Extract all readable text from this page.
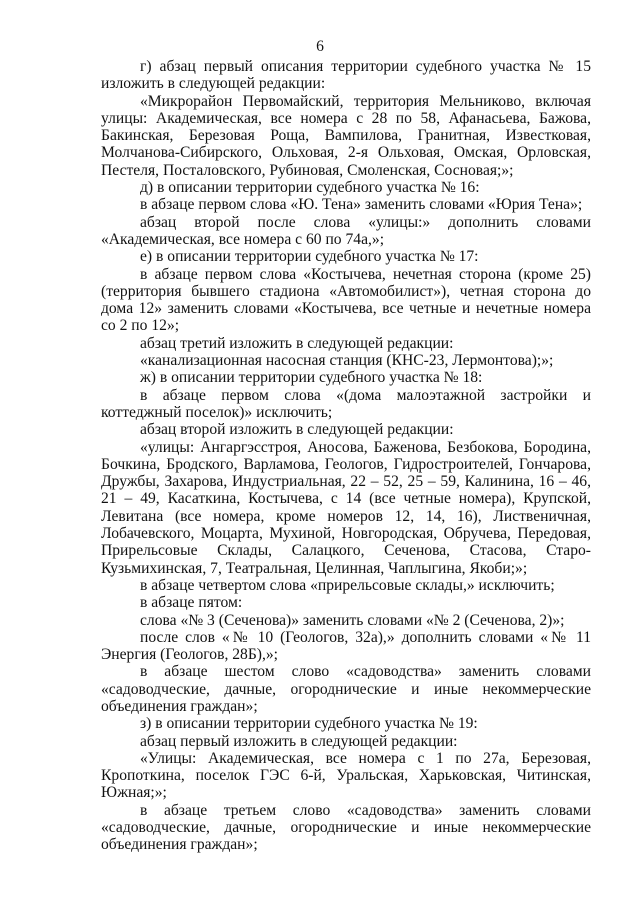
6

г) абзац первый описания территории судебного участка № 15 изложить в следующей редакции:

«Микрорайон Первомайский, территория Мельниково, включая улицы: Академическая, все номера с 28 по 58, Афанасьева, Бажова, Бакинская, Березовая Роща, Вампилова, Гранитная, Известковая, Молчанова-Сибирского, Ольховая, 2-я Ольховая, Омская, Орловская, Пестеля, Посталовского, Рубиновая, Смоленская, Сосновая;»;

д) в описании территории судебного участка № 16:

в абзаце первом слова «Ю. Тена» заменить словами «Юрия Тена»;

абзац второй после слова «улицы:» дополнить словами «Академическая, все номера с 60 по 74а,»;

е) в описании территории судебного участка № 17:

в абзаце первом слова «Костычева, нечетная сторона (кроме 25) (территория бывшего стадиона «Автомобилист»), четная сторона до дома 12» заменить словами «Костычева, все четные и нечетные номера со 2 по 12»;

абзац третий изложить в следующей редакции:

«канализационная насосная станция (КНС-23, Лермонтова);»;

ж) в описании территории судебного участка № 18:

в абзаце первом слова «(дома малоэтажной застройки и коттеджный поселок)» исключить;

абзац второй изложить в следующей редакции:

«улицы: Ангаргэсстроя, Аносова, Баженова, Безбокова, Бородина, Бочкина, Бродского, Варламова, Геологов, Гидростроителей, Гончарова, Дружбы, Захарова, Индустриальная, 22 – 52, 25 – 59, Калинина, 16 – 46, 21 – 49, Касаткина, Костычева, с 14 (все четные номера), Крупской, Левитана (все номера, кроме номеров 12, 14, 16), Лиственичная, Лобачевского, Моцарта, Мухиной, Новгородская, Обручева, Передовая, Прирельсовые Склады, Салацкого, Сеченова, Стасова, Старо-Кузьмихинская, 7, Театральная, Целинная, Чаплыгина, Якоби;»;

в абзаце четвертом слова «прирельсовые склады,» исключить;

в абзаце пятом:

слова «№ 3 (Сеченова)» заменить словами «№ 2 (Сеченова, 2)»;

после слов «№ 10 (Геологов, 32а),» дополнить словами «№ 11 Энергия (Геологов, 28Б),»;

в абзаце шестом слово «садоводства» заменить словами «садоводческие, дачные, огороднические и иные некоммерческие объединения граждан»;

з) в описании территории судебного участка № 19:

абзац первый изложить в следующей редакции:

«Улицы: Академическая, все номера с 1 по 27а, Березовая, Кропоткина, поселок ГЭС 6-й, Уральская, Харьковская, Читинская, Южная;»;

в абзаце третьем слово «садоводства» заменить словами «садоводческие, дачные, огороднические и иные некоммерческие объединения граждан»;
